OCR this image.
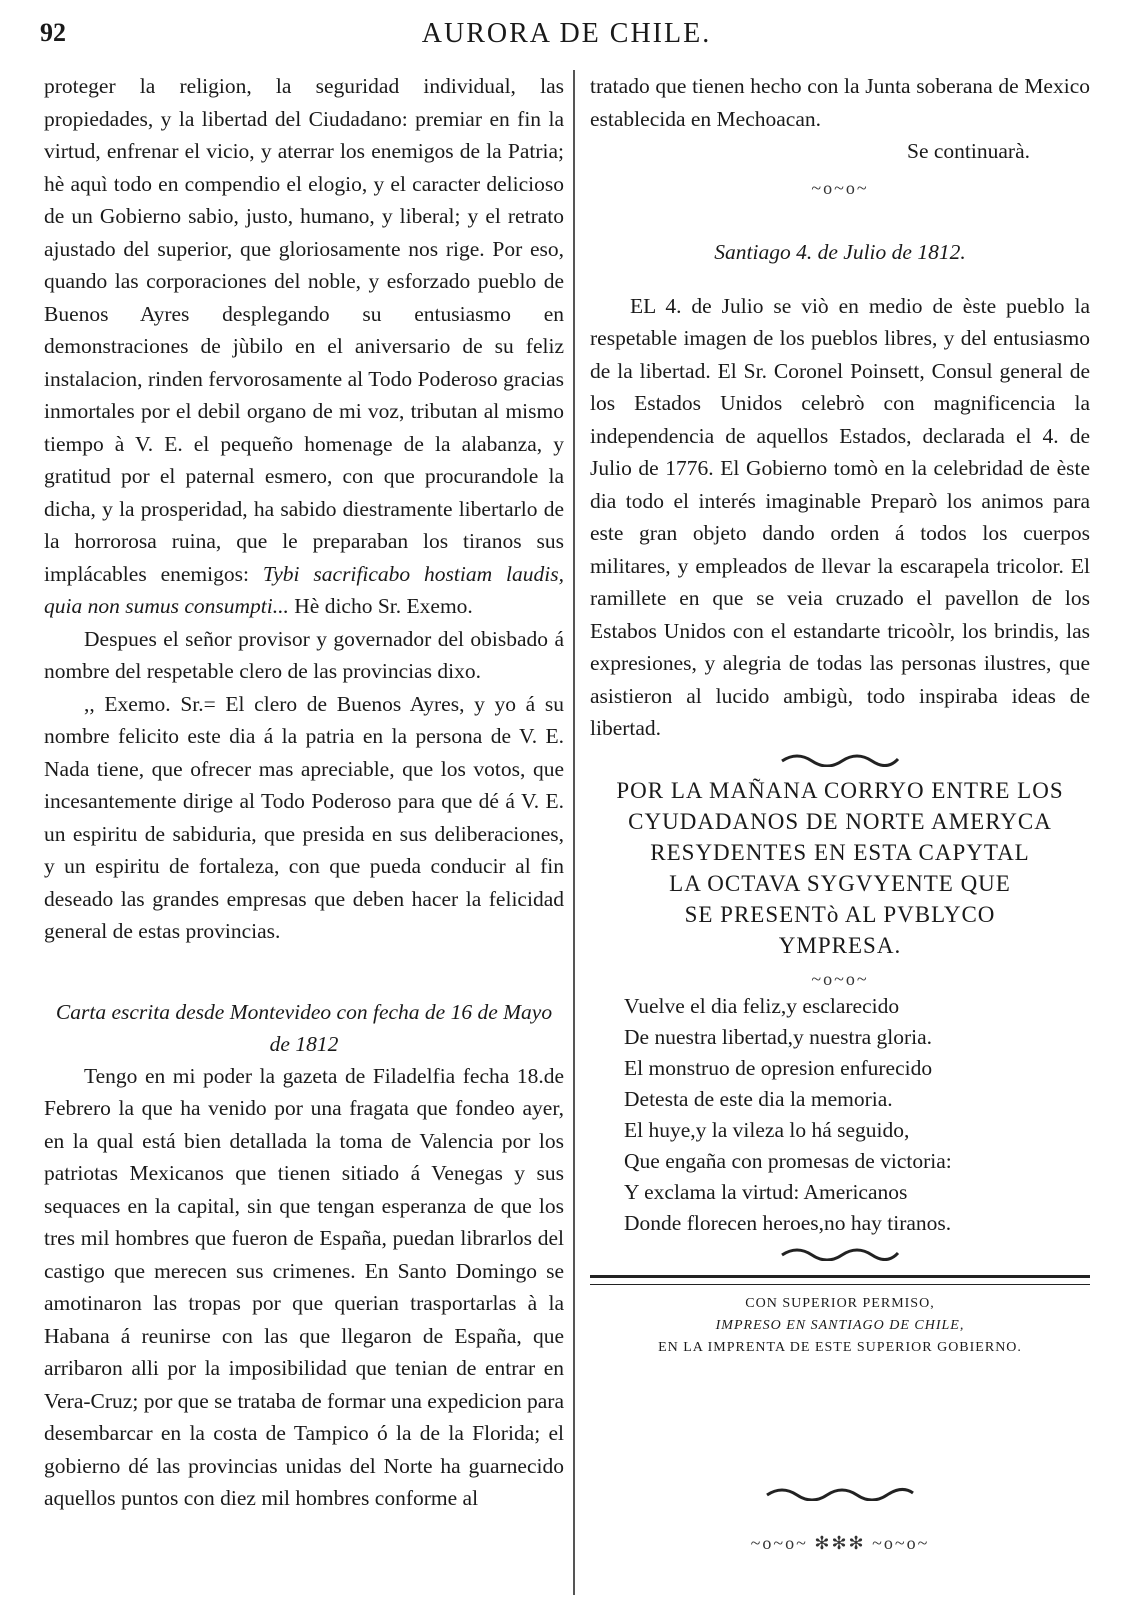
92	AURORA DE CHILE.

proteger la religion, la seguridad individual, las propiedades, y la libertad del Ciudadano: premiar en fin la virtud, enfrenar el vicio, y aterrar los enemigos de la Patria; hè aquì todo en compendio el elogio, y el caracter delicioso de un Gobierno sabio, justo, humano, y liberal; y el retrato ajustado del superior, que gloriosamente nos rige. Por eso, quando las corporaciones del noble, y esforzado pueblo de Buenos Ayres desplegando su entusiasmo en demonstraciones de jùbilo en el aniversario de su feliz instalacion, rinden fervorosamente al Todo Poderoso gracias inmortales por el debil organo de mi voz, tributan al mismo tiempo à V. E. el pequeño homenage de la alabanza, y gratitud por el paternal esmero, con que procurandole la dicha, y la prosperidad, ha sabido diestramente libertarlo de la horrorosa ruina, que le preparaban los tiranos sus implácables enemigos: Tybi sacrificabo hostiam laudis, quia non sumus consumpti... Hè dicho Sr. Exemo.

Despues el señor provisor y governador del obisbado á nombre del respetable clero de las provincias dixo.

,, Exemo. Sr.= El clero de Buenos Ayres, y yo á su nombre felicito este dia á la patria en la persona de V. E. Nada tiene, que ofrecer mas apreciable, que los votos, que incesantemente dirige al Todo Poderoso para que dé á V. E. un espiritu de sabiduria, que presida en sus deliberaciones, y un espiritu de fortaleza, con que pueda conducir al fin deseado las grandes empresas que deben hacer la felicidad general de estas provincias.

Carta escrita desde Montevideo con fecha de 16 de Mayo de 1812

Tengo en mi poder la gazeta de Filadelfia fecha 18.de Febrero la que ha venido por una fragata que fondeo ayer, en la qual está bien detallada la toma de Valencia por los patriotas Mexicanos que tienen sitiado á Venegas y sus sequaces en la capital, sin que tengan esperanza de que los tres mil hombres que fueron de España, puedan librarlos del castigo que merecen sus crimenes. En Santo Domingo se amotinaron las tropas por que querian trasportarlas à la Habana á reunirse con las que llegaron de España, que arribaron alli por la imposibilidad que tenian de entrar en Vera-Cruz; por que se trataba de formar una expedicion para desembarcar en la costa de Tampico ó la de la Florida; el gobierno dé las provincias unidas del Norte ha guarnecido aquellos puntos con diez mil hombres conforme al

tratado que tienen hecho con la Junta soberana de Mexico establecida en Mechoacan.

Se continuarà.

~o~o~

Santiago 4. de Julio de 1812.

EL 4. de Julio se viò en medio de èste pueblo la respetable imagen de los pueblos libres, y del entusiasmo de la libertad. El Sr. Coronel Poinsett, Consul general de los Estados Unidos celebrò con magnificencia la independencia de aquellos Estados, declarada el 4. de Julio de 1776. El Gobierno tomò en la celebridad de èste dia todo el interés imaginable Preparò los animos para este gran objeto dando orden á todos los cuerpos militares, y empleados de llevar la escarapela tricolor. El ramillete en que se veia cruzado el pavellon de los Estabos Unidos con el estandarte tricoòlr, los brindis, las expresiones, y alegria de todas las personas ilustres, que asistieron al lucido ambigù, todo inspiraba ideas de libertad.

POR LA MAÑANA CORRYO ENTRE LOS
CYUDADANOS DE NORTE AMERYCA
RESYDENTES EN ESTA CAPYTAL
LA OCTAVA SYGVYENTE QUE
SE PRESENTò AL PVBLYCO
YMPRESA.
~o~o~
Vuelve el dia feliz,y esclarecido
De nuestra libertad,y nuestra gloria.
El monstruo de opresion enfurecido
Detesta de este dia la memoria.
El huye,y la vileza lo há seguido,
Que engaña con promesas de victoria:
Y exclama la virtud: Americanos
Donde florecen heroes,no hay tiranos.
CON SUPERIOR PERMISO,
IMPRESO EN SANTIAGO DE CHILE,
EN LA IMPRENTA DE ESTE SUPERIOR GOBIERNO.
~o~o~ ✻✻✻ ~o~o~
